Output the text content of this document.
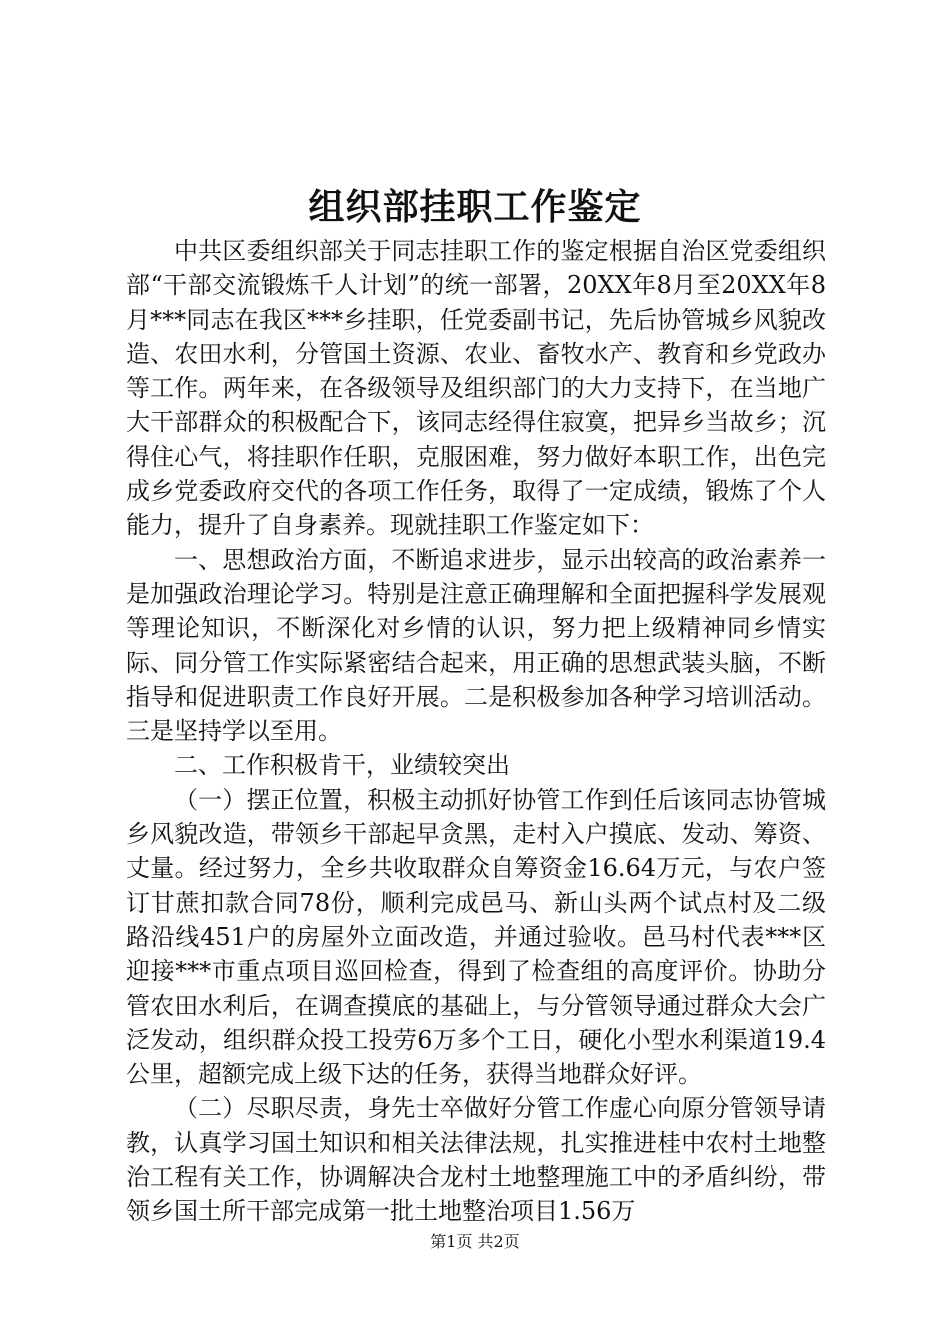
组织部挂职工作鉴定

中共区委组织部关于同志挂职工作的鉴定根据自治区党委组织部“干部交流锻炼千人计划”的统一部署，20XX年8月至20XX年8月***同志在我区***乡挂职，任党委副书记，先后协管城乡风貌改造、农田水利，分管国土资源、农业、畜牧水产、教育和乡党政办等工作。两年来，在各级领导及组织部门的大力支持下，在当地广大干部群众的积极配合下，该同志经得住寂寞，把异乡当故乡；沉得住心气，将挂职作任职，克服困难，努力做好本职工作，出色完成乡党委政府交代的各项工作任务，取得了一定成绩，锻炼了个人能力，提升了自身素养。现就挂职工作鉴定如下：

一、思想政治方面，不断追求进步，显示出较高的政治素养一是加强政治理论学习。特别是注意正确理解和全面把握科学发展观等理论知识，不断深化对乡情的认识，努力把上级精神同乡情实际、同分管工作实际紧密结合起来，用正确的思想武装头脑，不断指导和促进职责工作良好开展。二是积极参加各种学习培训活动。三是坚持学以至用。

二、工作积极肯干，业绩较突出

（一）摆正位置，积极主动抓好协管工作到任后该同志协管城乡风貌改造，带领乡干部起早贪黑，走村入户摸底、发动、筹资、丈量。经过努力，全乡共收取群众自筹资金16.64万元，与农户签订甘蔗扣款合同78份，顺利完成邑马、新山头两个试点村及二级路沿线451户的房屋外立面改造，并通过验收。邑马村代表***区迎接***市重点项目巡回检查，得到了检查组的高度评价。协助分管农田水利后，在调查摸底的基础上，与分管领导通过群众大会广泛发动，组织群众投工投劳6万多个工日，硬化小型水利渠道19.4公里，超额完成上级下达的任务，获得当地群众好评。

（二）尽职尽责，身先士卒做好分管工作虚心向原分管领导请教，认真学习国土知识和相关法律法规，扎实推进桂中农村土地整治工程有关工作，协调解决合龙村土地整理施工中的矛盾纠纷，带领乡国土所干部完成第一批土地整治项目1.56万

第1页 共2页
